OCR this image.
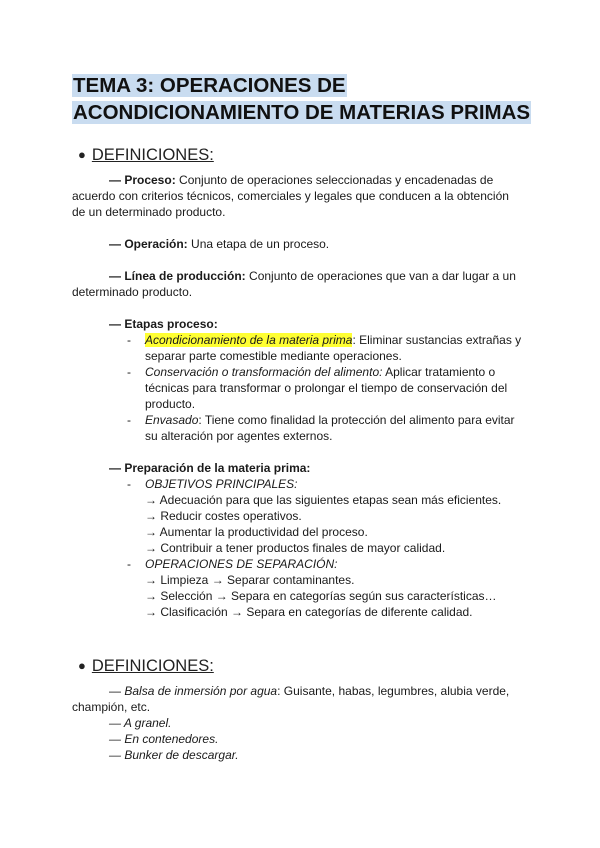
TEMA 3: OPERACIONES DE
ACONDICIONAMIENTO DE MATERIAS PRIMAS
● DEFINICIONES:

— Proceso: Conjunto de operaciones seleccionadas y encadenadas de

acuerdo con criterios técnicos, comerciales y legales que conducen a la obtención

de un determinado producto.

— Operación: Una etapa de un proceso.

— Línea de producción: Conjunto de operaciones que van a dar lugar a un

determinado producto.

— Etapas proceso:

- Acondicionamiento de la materia prima: Eliminar sustancias extrañas y
separar parte comestible mediante operaciones.
- Conservación o transformación del alimento: Aplicar tratamiento o
técnicas para transformar o prolongar el tiempo de conservación del
producto.
- Envasado: Tiene como finalidad la protección del alimento para evitar
su alteración por agentes externos.

— Preparación de la materia prima:

- OBJETIVOS PRINCIPALES:

→ Adecuación para que las siguientes etapas sean más eficientes.

→ Reducir costes operativos.

→ Aumentar la productividad del proceso.

→ Contribuir a tener productos finales de mayor calidad.

- OPERACIONES DE SEPARACIÓN:

→ Limpieza → Separar contaminantes.

→ Selección → Separa en categorías según sus características…

→ Clasificación → Separa en categorías de diferente calidad.

● DEFINICIONES:

— Balsa de inmersión por agua: Guisante, habas, legumbres, alubia verde,

champión, etc.

— A granel.

— En contenedores.

— Bunker de descargar.
